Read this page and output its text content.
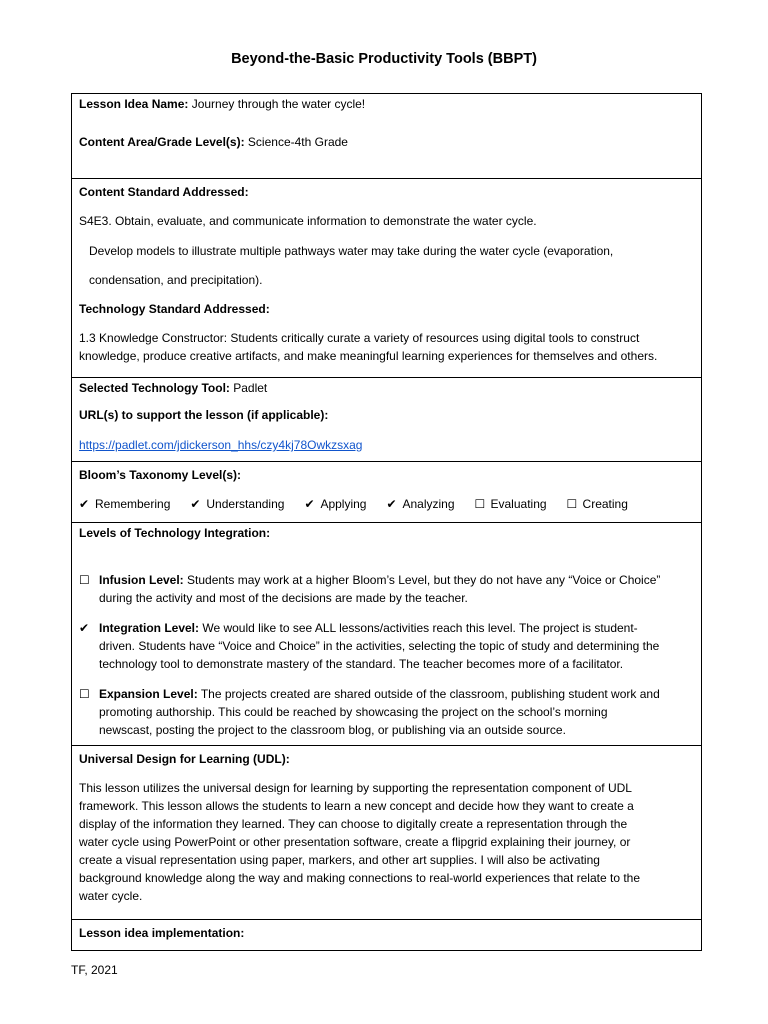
Beyond-the-Basic Productivity Tools (BBPT)
Lesson Idea Name: Journey through the water cycle!
Content Area/Grade Level(s): Science-4th Grade
Content Standard Addressed:
S4E3. Obtain, evaluate, and communicate information to demonstrate the water cycle.
Develop models to illustrate multiple pathways water may take during the water cycle (evaporation,
condensation, and precipitation).
Technology Standard Addressed:
1.3 Knowledge Constructor: Students critically curate a variety of resources using digital tools to construct
knowledge, produce creative artifacts, and make meaningful learning experiences for themselves and others.
Selected Technology Tool: Padlet
URL(s) to support the lesson (if applicable):
https://padlet.com/jdickerson_hhs/czy4kj78Owkzsxag
Bloom’s Taxonomy Level(s):
✔ Remembering ✔ Understanding ✔ Applying ✔ Analyzing ☐ Evaluating ☐ Creating
Levels of Technology Integration:
☐ Infusion Level: Students may work at a higher Bloom’s Level, but they do not have any “Voice or Choice”
during the activity and most of the decisions are made by the teacher.
✔ Integration Level: We would like to see ALL lessons/activities reach this level. The project is student-
driven. Students have “Voice and Choice” in the activities, selecting the topic of study and determining the
technology tool to demonstrate mastery of the standard. The teacher becomes more of a facilitator.
☐ Expansion Level: The projects created are shared outside of the classroom, publishing student work and
promoting authorship. This could be reached by showcasing the project on the school’s morning
newscast, posting the project to the classroom blog, or publishing via an outside source.
Universal Design for Learning (UDL):
This lesson utilizes the universal design for learning by supporting the representation component of UDL
framework. This lesson allows the students to learn a new concept and decide how they want to create a
display of the information they learned. They can choose to digitally create a representation through the
water cycle using PowerPoint or other presentation software, create a flipgrid explaining their journey, or
create a visual representation using paper, markers, and other art supplies. I will also be activating
background knowledge along the way and making connections to real-world experiences that relate to the
water cycle.
Lesson idea implementation:
TF, 2021
